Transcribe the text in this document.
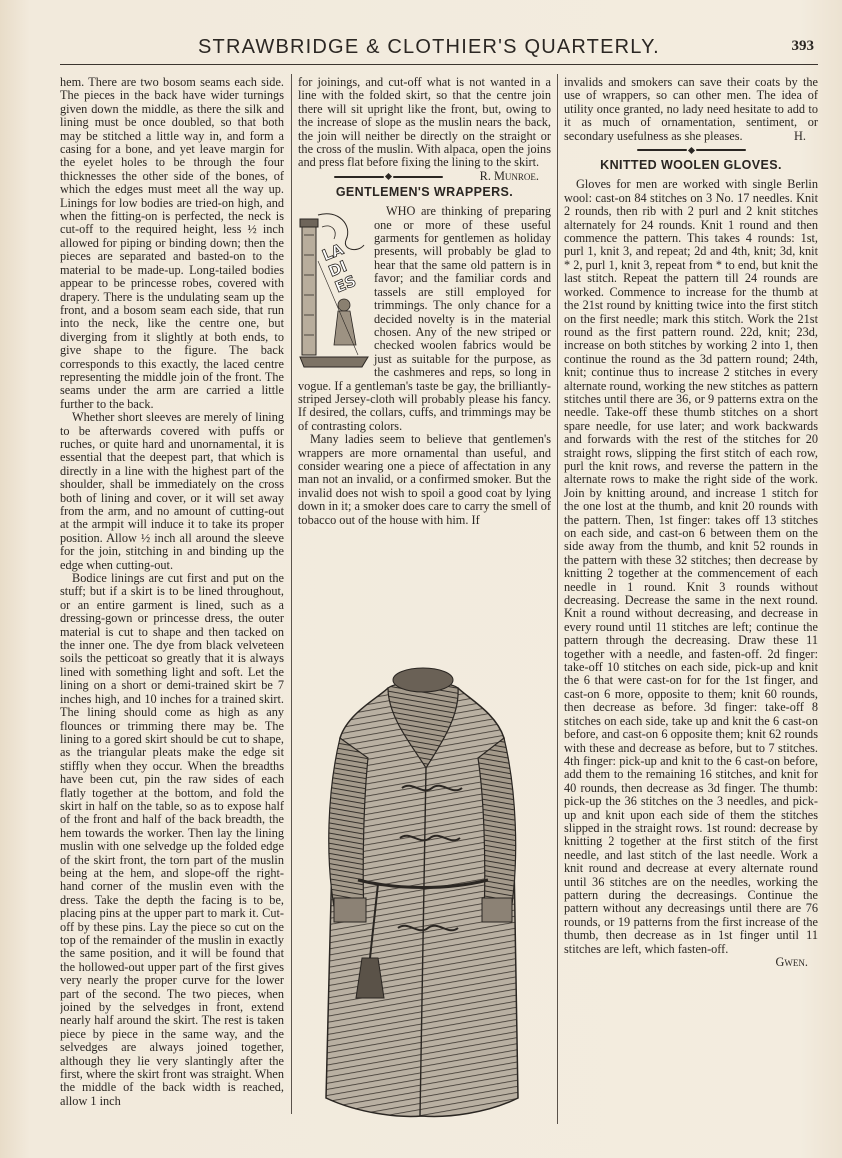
STRAWBRIDGE & CLOTHIER'S QUARTERLY.	393

hem. There are two bosom seams each side. The pieces in the back have wider turnings given down the middle, as there the silk and lining must be once doubled, so that both may be stitched a little way in, and form a casing for a bone, and yet leave margin for the eyelet holes to be through the four thicknesses the other side of the bones, of which the edges must meet all the way up. Linings for low bodies are tried-on high, and when the fitting-on is perfected, the neck is cut-off to the required height, less ½ inch allowed for piping or binding down; then the pieces are separated and basted-on to the material to be made-up. Long-tailed bodies appear to be princesse robes, covered with drapery. There is the undulating seam up the front, and a bosom seam each side, that run into the neck, like the centre one, but diverging from it slightly at both ends, to give shape to the figure. The back corresponds to this exactly, the laced centre representing the middle join of the front. The seams under the arm are carried a little further to the back.

Whether short sleeves are merely of lining to be afterwards covered with puffs or ruches, or quite hard and unornamental, it is essential that the deepest part, that which is directly in a line with the highest part of the shoulder, shall be immediately on the cross both of lining and cover, or it will set away from the arm, and no amount of cutting-out at the armpit will induce it to take its proper position. Allow ½ inch all around the sleeve for the join, stitching in and binding up the edge when cutting-out.

Bodice linings are cut first and put on the stuff; but if a skirt is to be lined throughout, or an entire garment is lined, such as a dressing-gown or princesse dress, the outer material is cut to shape and then tacked on the inner one. The dye from black velveteen soils the petticoat so greatly that it is always lined with something light and soft. Let the lining on a short or demi-trained skirt be 7 inches high, and 10 inches for a trained skirt. The lining should come as high as any flounces or trimming there may be. The lining to a gored skirt should be cut to shape, as the triangular pleats make the edge sit stiffly when they occur. When the breadths have been cut, pin the raw sides of each flatly together at the bottom, and fold the skirt in half on the table, so as to expose half of the front and half of the back breadth, the hem towards the worker. Then lay the lining muslin with one selvedge up the folded edge of the skirt front, the torn part of the muslin being at the hem, and slope-off the right-hand corner of the muslin even with the dress. Take the depth the facing is to be, placing pins at the upper part to mark it. Cut-off by these pins. Lay the piece so cut on the top of the remainder of the muslin in exactly the same position, and it will be found that the hollowed-out upper part of the first gives very nearly the proper curve for the lower part of the second. The two pieces, when joined by the selvedges in front, extend nearly half around the skirt. The rest is taken piece by piece in the same way, and the selvedges are always joined together, although they lie very slantingly after the first, where the skirt front was straight. When the middle of the back width is reached, allow 1 inch

for joinings, and cut-off what is not wanted in a line with the folded skirt, so that the centre join there will sit upright like the front, but, owing to the increase of slope as the muslin nears the back, the join will neither be directly on the straight or the cross of the muslin. With alpaca, open the joins and press flat before fixing the lining to the skirt.
R. Munroe.

GENTLEMEN'S WRAPPERS.
LADIES

WHO are thinking of preparing one or more of these useful garments for gentlemen as holiday presents, will probably be glad to hear that the same old pattern is in favor; and the familiar cords and tassels are still employed for trimmings. The only chance for a decided novelty is in the material chosen. Any of the new striped or checked woolen fabrics would be just as suitable for the purpose, as the cashmeres and reps, so long in vogue. If a gentleman's taste be gay, the brilliantly-striped Jersey-cloth will probably please his fancy. If desired, the collars, cuffs, and trimmings may be of contrasting colors.

Many ladies seem to believe that gentlemen's wrappers are more ornamental than useful, and consider wearing one a piece of affectation in any man not an invalid, or a confirmed smoker. But the invalid does not wish to spoil a good coat by lying down in it; a smoker does care to carry the smell of tobacco out of the house with him. If

invalids and smokers can save their coats by the use of wrappers, so can other men. The idea of utility once granted, no lady need hesitate to add to it as much of ornamentation, sentiment, or secondary usefulness as she pleases.	H.

KNITTED WOOLEN GLOVES.

Gloves for men are worked with single Berlin wool: cast-on 84 stitches on 3 No. 17 needles. Knit 2 rounds, then rib with 2 purl and 2 knit stitches alternately for 24 rounds. Knit 1 round and then commence the pattern. This takes 4 rounds: 1st, purl 1, knit 3, and repeat; 2d and 4th, knit; 3d, knit * 2, purl 1, knit 3, repeat from * to end, but knit the last stitch. Repeat the pattern till 24 rounds are worked. Commence to increase for the thumb at the 21st round by knitting twice into the first stitch on the first needle; mark this stitch. Work the 21st round as the first pattern round. 22d, knit; 23d, increase on both stitches by working 2 into 1, then continue the round as the 3d pattern round; 24th, knit; continue thus to increase 2 stitches in every alternate round, working the new stitches as pattern stitches until there are 36, or 9 patterns extra on the needle. Take-off these thumb stitches on a short spare needle, for use later; and work backwards and forwards with the rest of the stitches for 20 straight rows, slipping the first stitch of each row, purl the knit rows, and reverse the pattern in the alternate rows to make the right side of the work. Join by knitting around, and increase 1 stitch for the one lost at the thumb, and knit 20 rounds with the pattern. Then, 1st finger: takes off 13 stitches on each side, and cast-on 6 between them on the side away from the thumb, and knit 52 rounds in the pattern with these 32 stitches; then decrease by knitting 2 together at the commencement of each needle in 1 round. Knit 3 rounds without decreasing. Decrease the same in the next round. Knit a round without decreasing, and decrease in every round until 11 stitches are left; continue the pattern through the decreasing. Draw these 11 together with a needle, and fasten-off. 2d finger: take-off 10 stitches on each side, pick-up and knit the 6 that were cast-on for for the 1st finger, and cast-on 6 more, opposite to them; knit 60 rounds, then decrease as before. 3d finger: take-off 8 stitches on each side, take up and knit the 6 cast-on before, and cast-on 6 opposite them; knit 62 rounds with these and decrease as before, but to 7 stitches. 4th finger: pick-up and knit to the 6 cast-on before, add them to the remaining 16 stitches, and knit for 40 rounds, then decrease as 3d finger. The thumb: pick-up the 36 stitches on the 3 needles, and pick-up and knit upon each side of them the stitches slipped in the straight rows. 1st round: decrease by knitting 2 together at the first stitch of the first needle, and last stitch of the last needle. Work a knit round and decrease at every alternate round until 36 stitches are on the needles, working the pattern during the decreasings. Continue the pattern without any decreasings until there are 76 rounds, or 19 patterns from the first increase of the thumb, then decrease as in 1st finger until 11 stitches are left, which fasten-off.

Gwen.
